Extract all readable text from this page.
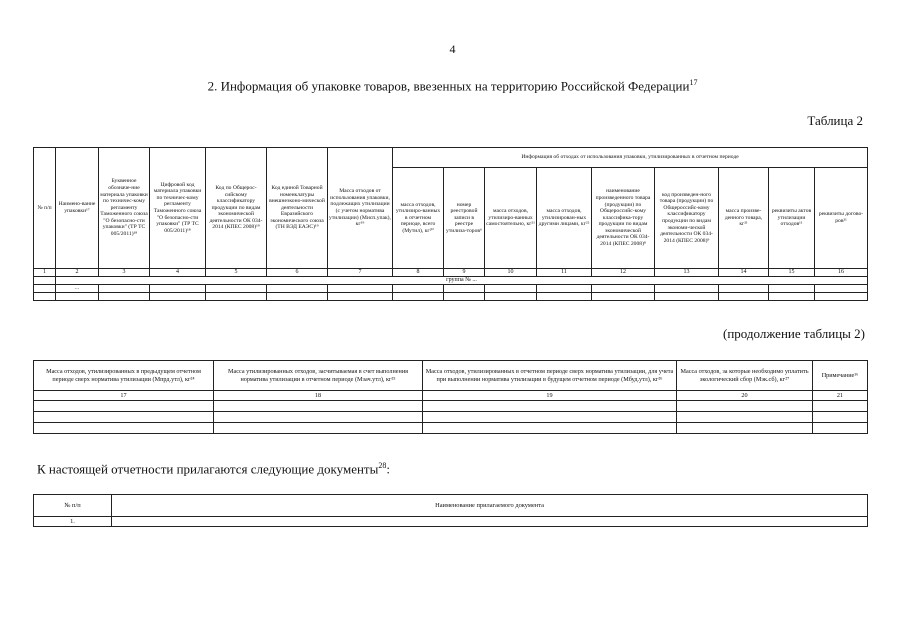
4
2. Информация об упаковке товаров, ввезенных на территорию Российской Федерации$^{17}$
Таблица 2
№ п/п	Наимено-вание упаковки¹⁷	Буквенное обозначе-ние материала упаковки по техничес-кому регламенту Таможенного союза "О безопасно-сти упаковки" (ТР ТС 005/2011)¹⁸	Цифровой код материала упаковки по техничес-кому регламенту Таможенного союза "О безопасно-сти упаковки" (ТР ТС 005/2011)¹⁸	Код по Общерос-сийскому классификатору продукции по видам экономической деятельности ОК 034-2014 (КПЕС 2008)¹⁹	Код единой Товарной номенклатуры внешнеэконо-мической деятельности Евразийского экономического союза (ТН ВЭД ЕАЭС)¹⁹	Масса отходов от использования упаковки, подлежащих утилизации (с учетом норматива утилизации) (Мисп.упак), кг¹⁹	Информация об отходах от использования упаковки, утилизированных в отчетном периоде								
							масса отходов, утилизиро-ванных в отчетном периоде, всего (Мутил), кг²⁰	номер реестровой записи в реестре утилиза-торов⁶	масса отходов, утилизиро-ванных самостоятельно, кг²¹	масса отходов, утилизирован-ных другими лицами, кг²²	наименование произведенного товара (продукции) по Общероссийс-кому классифика-тору продукции по видам экономической деятельности ОК 034-2014 (КПЕС 2008)⁸	код произведен-ного товара (продукции) по Общероссийс-кому классификатору продукции по видам экономи-ческой деятельности ОК 034-2014 (КПЕС 2008)⁹	масса произве-денного товара, кг²¹	реквизиты актов утилизации отходов¹¹	реквизиты догово-ров²¹
1	2	3	4	5	6	7	8	9	10	11	12	13	14	15	16
	группа № ...														
	...														

(продолжение таблицы 2)
Масса отходов, утилизированных в предыдущем отчетном периоде сверх норматива утилизации (Мпрд.утл), кг²⁴	Масса утилизированных отходов, засчитываемая в счет выполнения норматива утилизации в отчетном периоде (Мзач.утл), кг²⁵	Масса отходов, утилизированных в отчетном периоде сверх норматива утилизации, для учета при выполнении норматива утилизации в будущем отчетном периоде (Мбуд.утл), кг²⁶	Масса отходов, за которые необходимо уплатить экологический сбор (Мэк.сб), кг²⁷	Примечание¹⁶
17	18	19	20	21

К настоящей отчетности прилагаются следующие документы$^{28}$:
№ п/п	Наименование прилагаемого документа
1.	
